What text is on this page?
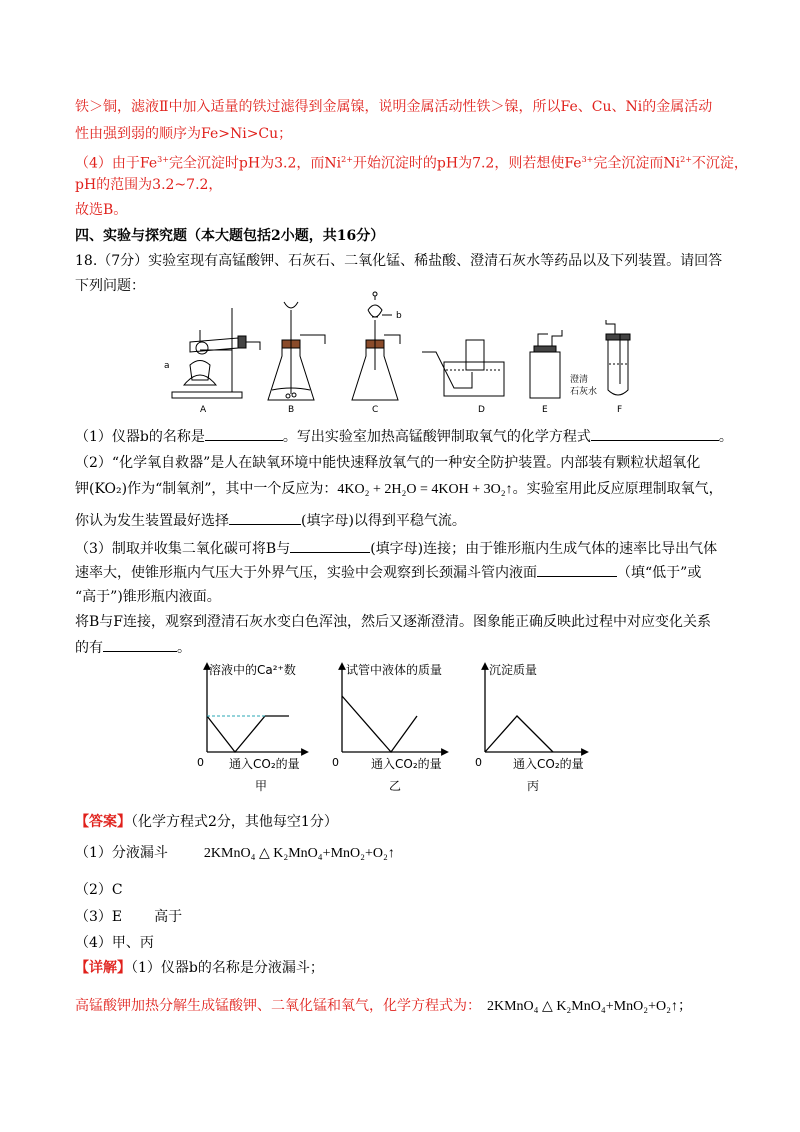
铁＞铜，滤液Ⅱ中加入适量的铁过滤得到金属镍，说明金属活动性铁＞镍，所以Fe、Cu、Ni的金属活动
性由强到弱的顺序为Fe>Ni>Cu；
（4）由于$Fe^{3+}$完全沉淀时pH为3.2，而$Ni^{2+}$开始沉淀时的pH为7.2，则若想使$Fe^{3+}$完全沉淀而$Ni^{2+}$不沉淀，
pH的范围为3.2~7.2，
故选B。
四、实验与探究题（本大题包括2小题，共16分）
18.（7分）实验室现有高锰酸钾、石灰石、二氧化锰、稀盐酸、澄清石灰水等药品以及下列装置。请回答
下列问题：
a
b
澄清
石灰水
A	B	C	D	E	F
（1）仪器b的名称是	。写出实验室加热高锰酸钾制取氧气的化学方程式	。
（2）“化学氧自救器”是人在缺氧环境中能快速释放氧气的一种安全防护装置。内部装有颗粒状超氧化
钾(KO₂)作为“制氧剂”，其中一个反应为：4KO₂ + 2H₂O = 4KOH + 3O₂↑。实验室用此反应原理制取氧气，
你认为发生装置最好选择	(填字母)以得到平稳气流。
（3）制取并收集二氧化碳可将B与	(填字母)连接；由于锥形瓶内生成气体的速率比导出气体
速率大，使锥形瓶内气压大于外界气压，实验中会观察到长颈漏斗管内液面	（填“低于”或
“高于”)锥形瓶内液面。
将B与F连接，观察到澄清石灰水变白色浑浊，然后又逐渐澄清。图象能正确反映此过程中对应变化关系
的有	。
溶液中的Ca²⁺数
0 通入CO₂的量
甲
试管中液体的质量
0	通入CO₂的量
乙
沉淀质量
0	通入CO₂的量
丙
【答案】（化学方程式2分，其他每空1分）
（1）分液漏斗	2KMnO₄ △ K₂MnO₄+MnO₂+O₂↑
（2）C
（3）E 高于
（4）甲、丙
【详解】（1）仪器b的名称是分液漏斗；
高锰酸钾加热分解生成锰酸钾、二氧化锰和氧气，化学方程式为： 2KMnO₄ △ K₂MnO₄+MnO₂+O₂↑；
